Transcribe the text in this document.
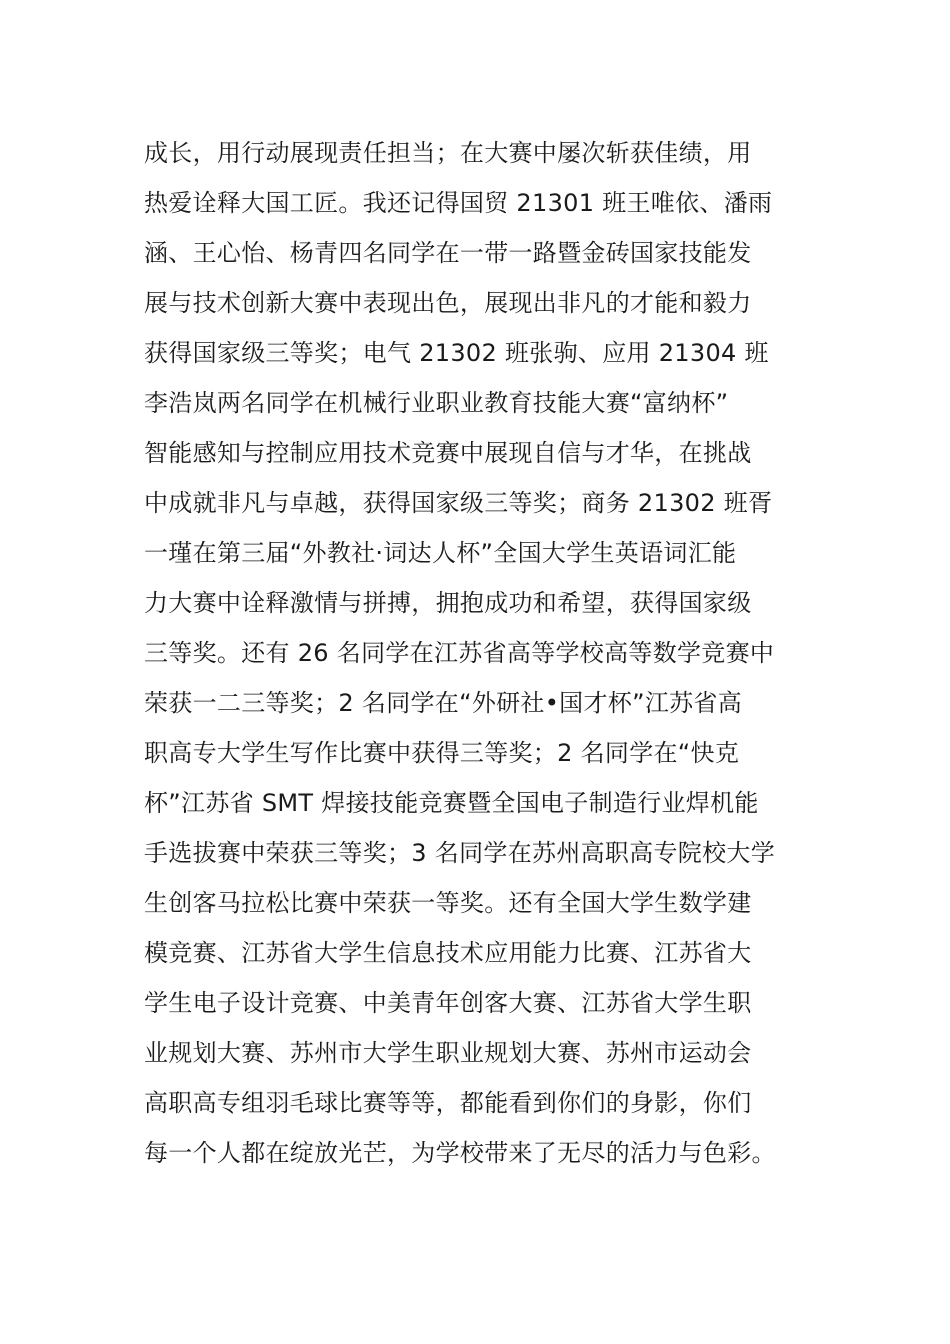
成长，用行动展现责任担当；在大赛中屡次斩获佳绩，用
热爱诠释大国工匠。我还记得国贸 21301 班王唯依、潘雨
涵、王心怡、杨青四名同学在一带一路暨金砖国家技能发
展与技术创新大赛中表现出色，展现出非凡的才能和毅力
获得国家级三等奖；电气 21302 班张驹、应用 21304 班
李浩岚两名同学在机械行业职业教育技能大赛“富纳杯”
智能感知与控制应用技术竞赛中展现自信与才华，在挑战
中成就非凡与卓越，获得国家级三等奖；商务 21302 班胥
一瑾在第三届“外教社·词达人杯”全国大学生英语词汇能
力大赛中诠释激情与拼搏，拥抱成功和希望，获得国家级
三等奖。还有 26 名同学在江苏省高等学校高等数学竞赛中
荣获一二三等奖；2 名同学在“外研社•国才杯”江苏省高
职高专大学生写作比赛中获得三等奖；2 名同学在“快克
杯”江苏省 SMT 焊接技能竞赛暨全国电子制造行业焊机能
手选拔赛中荣获三等奖；3 名同学在苏州高职高专院校大学
生创客马拉松比赛中荣获一等奖。还有全国大学生数学建
模竞赛、江苏省大学生信息技术应用能力比赛、江苏省大
学生电子设计竞赛、中美青年创客大赛、江苏省大学生职
业规划大赛、苏州市大学生职业规划大赛、苏州市运动会
高职高专组羽毛球比赛等等，都能看到你们的身影，你们
每一个人都在绽放光芒，为学校带来了无尽的活力与色彩。
